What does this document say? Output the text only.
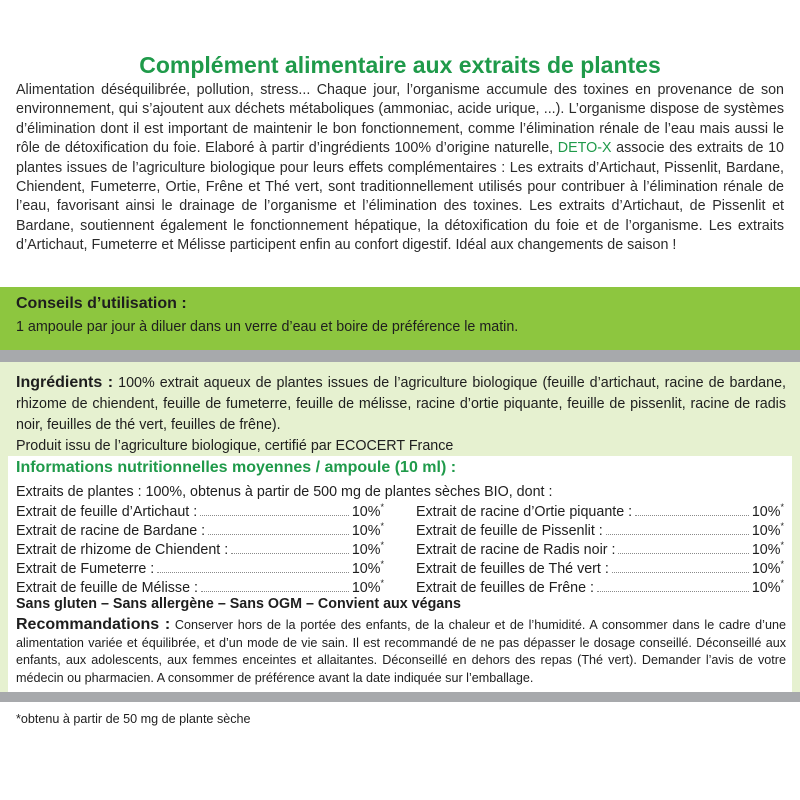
Complément alimentaire aux extraits de plantes

Alimentation déséquilibrée, pollution, stress... Chaque jour, l’organisme accumule des toxines en provenance de son environnement, qui s’ajoutent aux déchets métaboliques (ammoniac, acide urique, ...). L’organisme dispose de systèmes d’élimination dont il est important de maintenir le bon fonctionnement, comme l’élimination rénale de l’eau mais aussi le rôle de détoxification du foie. Elaboré à partir d’ingrédients 100% d’origine naturelle, DETO-X associe des extraits de 10 plantes issues de l’agriculture biologique pour leurs effets complémentaires : Les extraits d’Artichaut, Pissenlit, Bardane, Chiendent, Fumeterre, Ortie, Frêne et Thé vert, sont traditionnellement utilisés pour contribuer à l’élimination rénale de l’eau, favorisant ainsi le drainage de l’organisme et l’élimination des toxines. Les extraits d’Artichaut, de Pissenlit et Bardane, soutiennent également le fonctionnement hépatique, la détoxification du foie et de l’organisme. Les extraits d’Artichaut, Fumeterre et Mélisse participent enfin au confort digestif. Idéal aux changements de saison !

Conseils d’utilisation :
1 ampoule par jour à diluer dans un verre d’eau et boire de préférence le matin.

Ingrédients : 100% extrait aqueux de plantes issues de l’agriculture biologique (feuille d’artichaut, racine de bardane, rhizome de chiendent, feuille de fumeterre, feuille de mélisse, racine d’ortie piquante, feuille de pissenlit, racine de radis noir, feuilles de thé vert, feuilles de frêne).
Produit issu de l’agriculture biologique, certifié par ECOCERT France

Informations nutritionnelles moyennes / ampoule (10 ml) :
Extraits de plantes : 100%, obtenus à partir de 500 mg de plantes sèches BIO, dont :
Extrait de feuille d’Artichaut :	10%*
Extrait de racine de Bardane :	10%*
Extrait de rhizome de Chiendent :	10%*
Extrait de Fumeterre :	10%*
Extrait de feuille de Mélisse :	10%*
Extrait de racine d’Ortie piquante :	10%*
Extrait de feuille de Pissenlit :	10%*
Extrait de racine de Radis noir :	10%*
Extrait de feuilles de Thé vert :	10%*
Extrait de feuilles de Frêne :	10%*
Sans gluten – Sans allergène – Sans OGM – Convient aux végans

Recommandations : Conserver hors de la portée des enfants, de la chaleur et de l’humidité. A consommer dans le cadre d’une alimentation variée et équilibrée, et d’un mode de vie sain. Il est recommandé de ne pas dépasser le dosage conseillé. Déconseillé aux enfants, aux adolescents, aux femmes enceintes et allaitantes. Déconseillé en dehors des repas (Thé vert). Demander l’avis de votre médecin ou pharmacien. A consommer de préférence avant la date indiquée sur l’emballage.

*obtenu à partir de 50 mg de plante sèche
